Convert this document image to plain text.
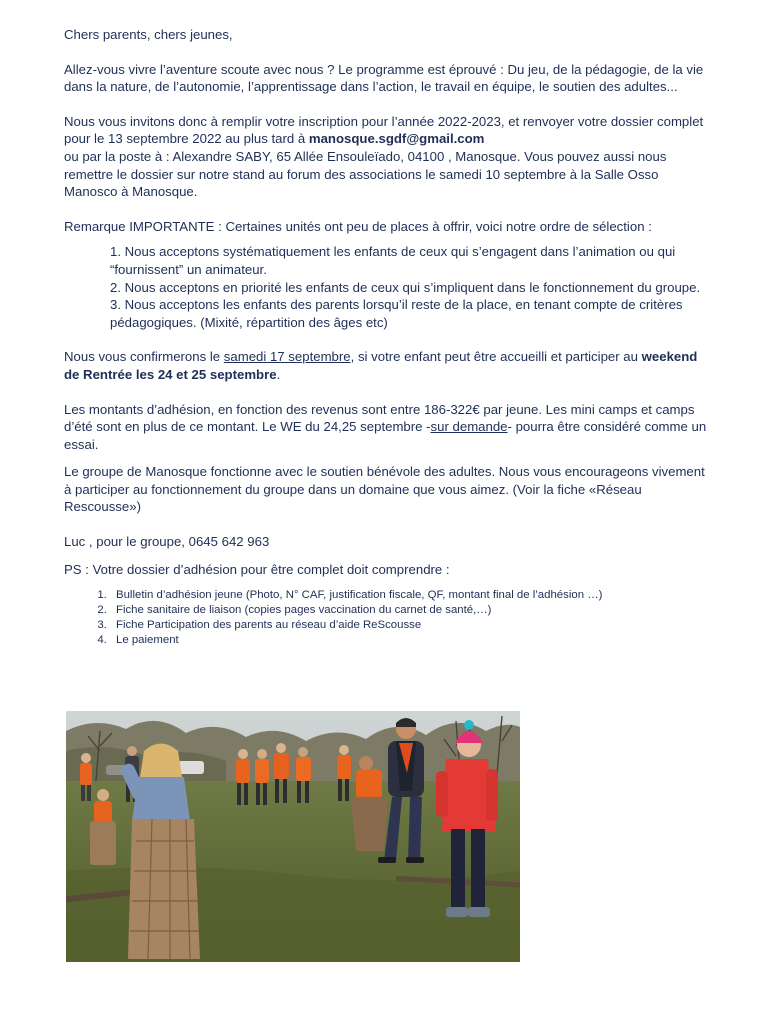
Chers parents, chers jeunes,

Allez-vous vivre l’aventure scoute avec nous ? Le programme est éprouvé : Du jeu, de la pédagogie, de la vie dans la nature, de l’autonomie, l’apprentissage dans l’action, le travail en équipe, le soutien des adultes...

Nous vous invitons donc à remplir votre inscription pour l’année 2022-2023, et renvoyer votre dossier complet pour le 13 septembre 2022 au plus tard à manosque.sgdf@gmail.com
ou par la poste à : Alexandre SABY, 65 Allée Ensouleïado, 04100 , Manosque. Vous pouvez aussi nous remettre le dossier sur notre stand au forum des associations le samedi 10 septembre à la Salle Osso Manosco à Manosque.

Remarque IMPORTANTE : Certaines unités ont peu de places à offrir, voici notre ordre de sélection :

1. Nous acceptons systématiquement les enfants de ceux qui s’engagent dans l’animation ou qui “fournissent” un animateur.
2. Nous acceptons en priorité les enfants de ceux qui s’impliquent dans le fonctionnement du groupe.
3. Nous acceptons les enfants des parents lorsqu’il reste de la place, en tenant compte de critères pédagogiques. (Mixité, répartition des âges etc)

Nous vous confirmerons le samedi 17 septembre, si votre enfant peut être accueilli et participer au weekend de Rentrée les 24 et 25 septembre.

Les montants d’adhésion, en fonction des revenus sont entre 186-322€ par jeune. Les mini camps et camps d’été sont en plus de ce montant. Le WE du 24,25 septembre -sur demande- pourra être considéré comme un essai.

Le groupe de Manosque fonctionne avec le soutien bénévole des adultes. Nous vous encourageons vivement à participer au fonctionnement du groupe dans un domaine que vous aimez. (Voir la fiche «Réseau Rescousse»)

Luc , pour le groupe, 0645 642 963

PS : Votre dossier d’adhésion pour être complet doit comprendre :

1. Bulletin d’adhésion jeune (Photo, N° CAF, justification fiscale, QF, montant final de l’adhésion …)
2. Fiche sanitaire de liaison (copies pages vaccination du carnet de santé,…)
3. Fiche Participation des parents au réseau d’aide ReScousse
4. Le paiement
